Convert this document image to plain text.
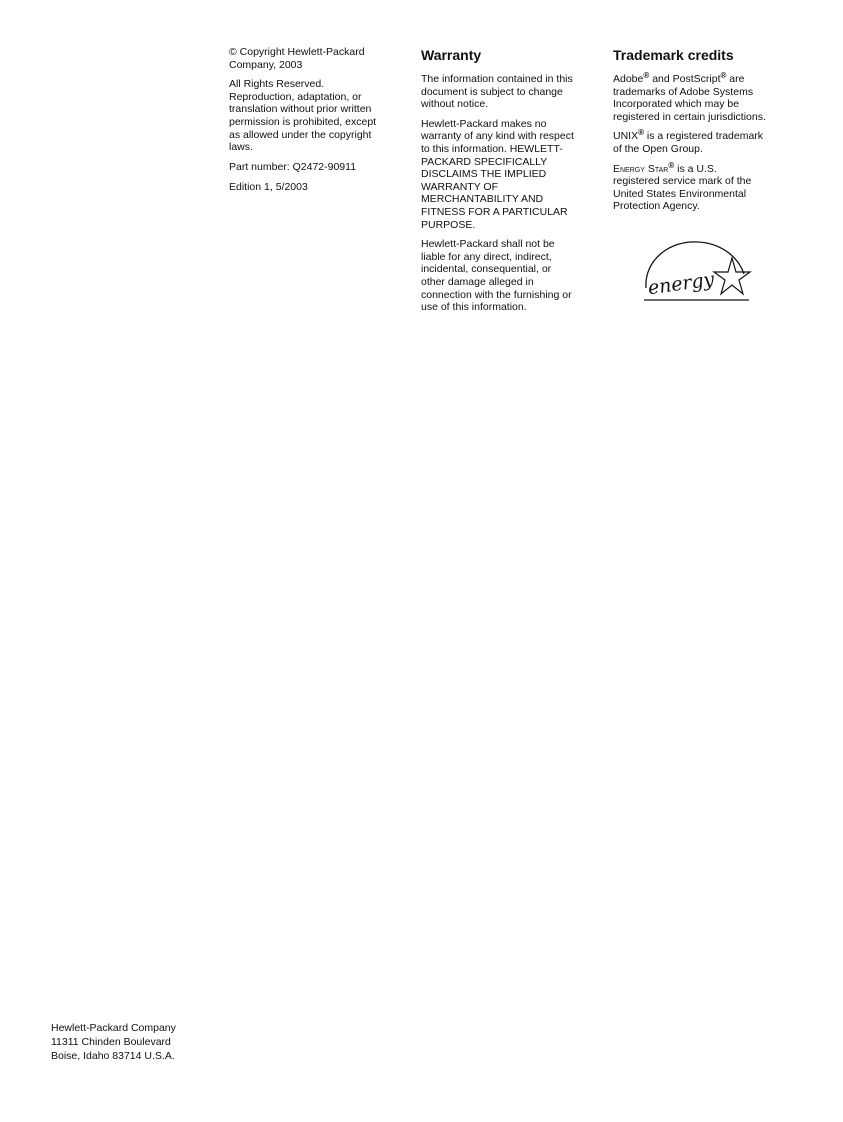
© Copyright Hewlett-Packard
Company, 2003

All Rights Reserved.
Reproduction, adaptation, or
translation without prior written
permission is prohibited, except
as allowed under the copyright
laws.

Part number: Q2472-90911

Edition 1, 5/2003

Warranty

The information contained in this
document is subject to change
without notice.

Hewlett-Packard makes no
warranty of any kind with respect
to this information. HEWLETT-
PACKARD SPECIFICALLY
DISCLAIMS THE IMPLIED
WARRANTY OF
MERCHANTABILITY AND
FITNESS FOR A PARTICULAR
PURPOSE.

Hewlett-Packard shall not be
liable for any direct, indirect,
incidental, consequential, or
other damage alleged in
connection with the furnishing or
use of this information.

Trademark credits

Adobe® and PostScript® are
trademarks of Adobe Systems
Incorporated which may be
registered in certain jurisdictions.

UNIX® is a registered trademark
of the Open Group.

Energy Star® is a U.S.
registered service mark of the
United States Environmental
Protection Agency.

energy
Hewlett-Packard Company
11311 Chinden Boulevard
Boise, Idaho 83714 U.S.A.
